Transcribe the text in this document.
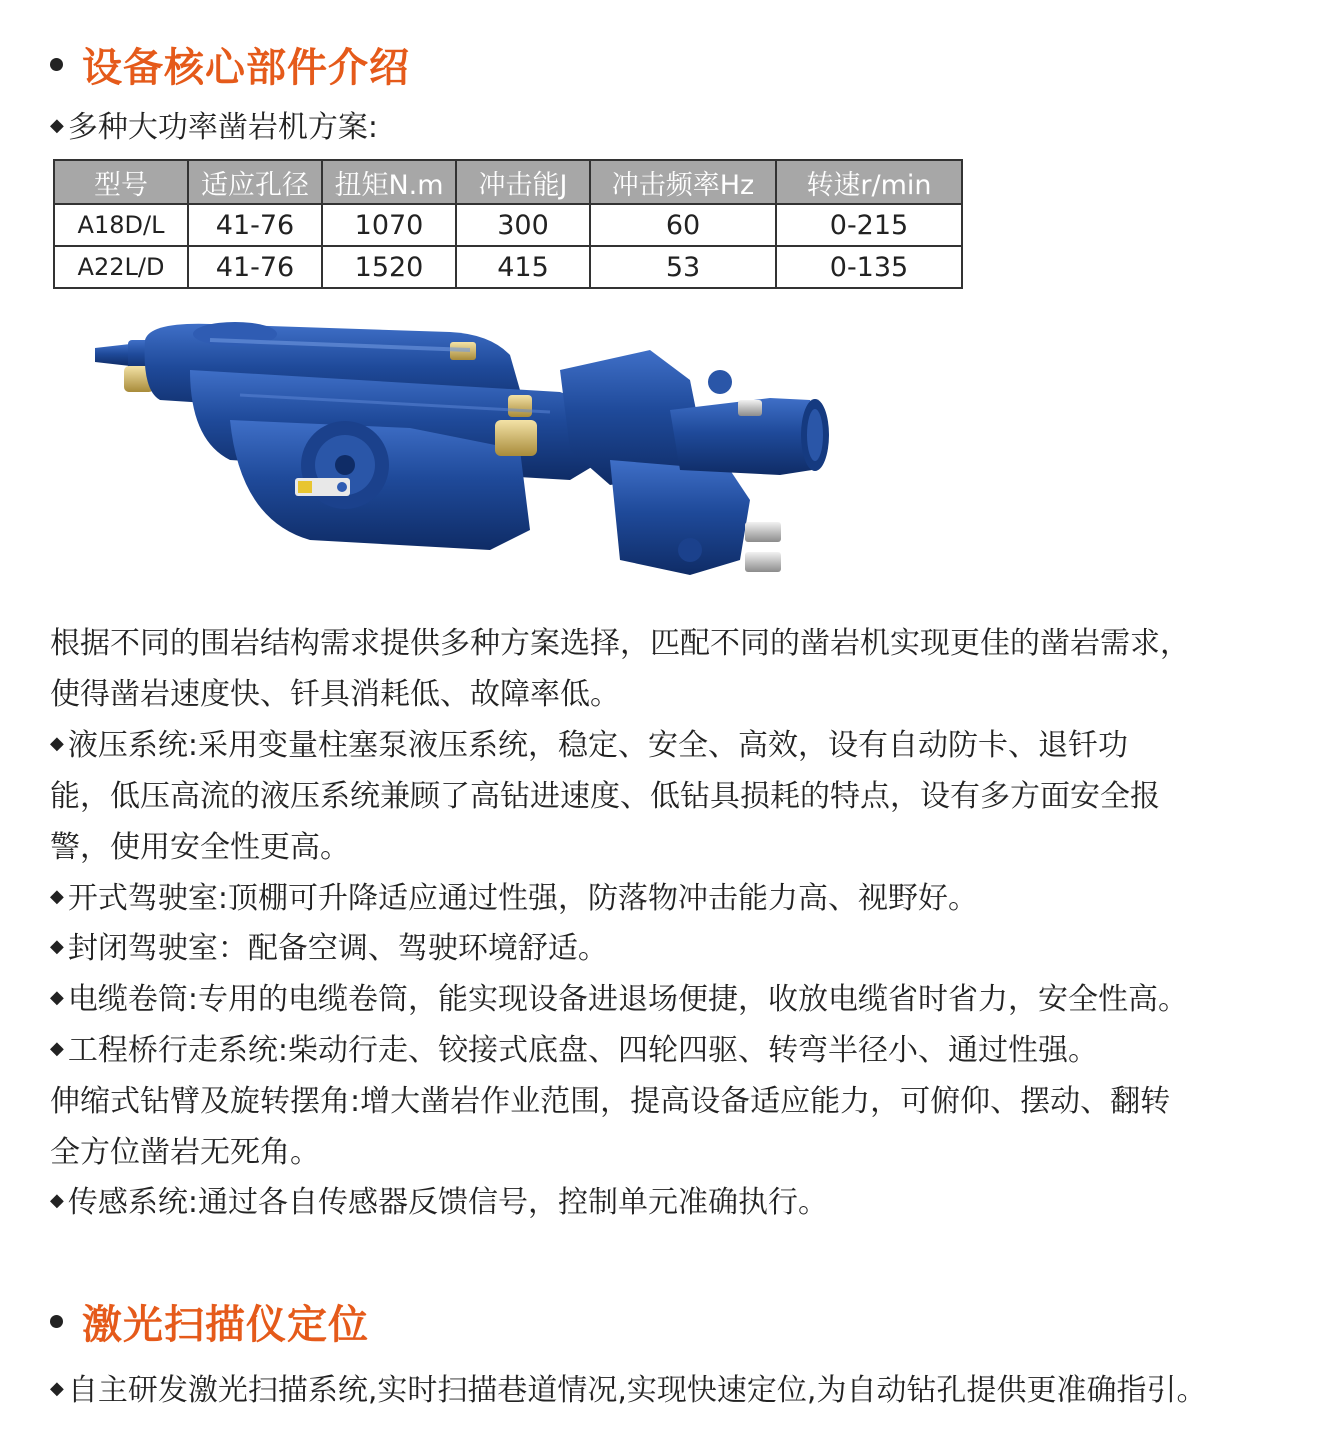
设备核心部件介绍
◆ 多种大功率凿岩机方案:
型号	适应孔径	扭矩N.m	冲击能J	冲击频率Hz	转速r/min
A18D/L	41-76	1070	300	60	0-215
A22L/D	41-76	1520	415	53	0-135
根据不同的围岩结构需求提供多种方案选择，匹配不同的凿岩机实现更佳的凿岩需求，
使得凿岩速度快、钎具消耗低、故障率低。
◆ 液压系统:采用变量柱塞泵液压系统，稳定、安全、高效，设有自动防卡、退钎功
能，低压高流的液压系统兼顾了高钻进速度、低钻具损耗的特点，设有多方面安全报
警，使用安全性更高。
◆ 开式驾驶室:顶棚可升降适应通过性强，防落物冲击能力高、视野好。
◆ 封闭驾驶室：配备空调、驾驶环境舒适。
◆ 电缆卷筒:专用的电缆卷筒，能实现设备进退场便捷，收放电缆省时省力，安全性高。
◆ 工程桥行走系统:柴动行走、铰接式底盘、四轮四驱、转弯半径小、通过性强。
伸缩式钻臂及旋转摆角:增大凿岩作业范围，提高设备适应能力，可俯仰、摆动、翻转
全方位凿岩无死角。
◆ 传感系统:通过各自传感器反馈信号，控制单元准确执行。
激光扫描仪定位
◆ 自主研发激光扫描系统,实时扫描巷道情况,实现快速定位,为自动钻孔提供更准确指引。
